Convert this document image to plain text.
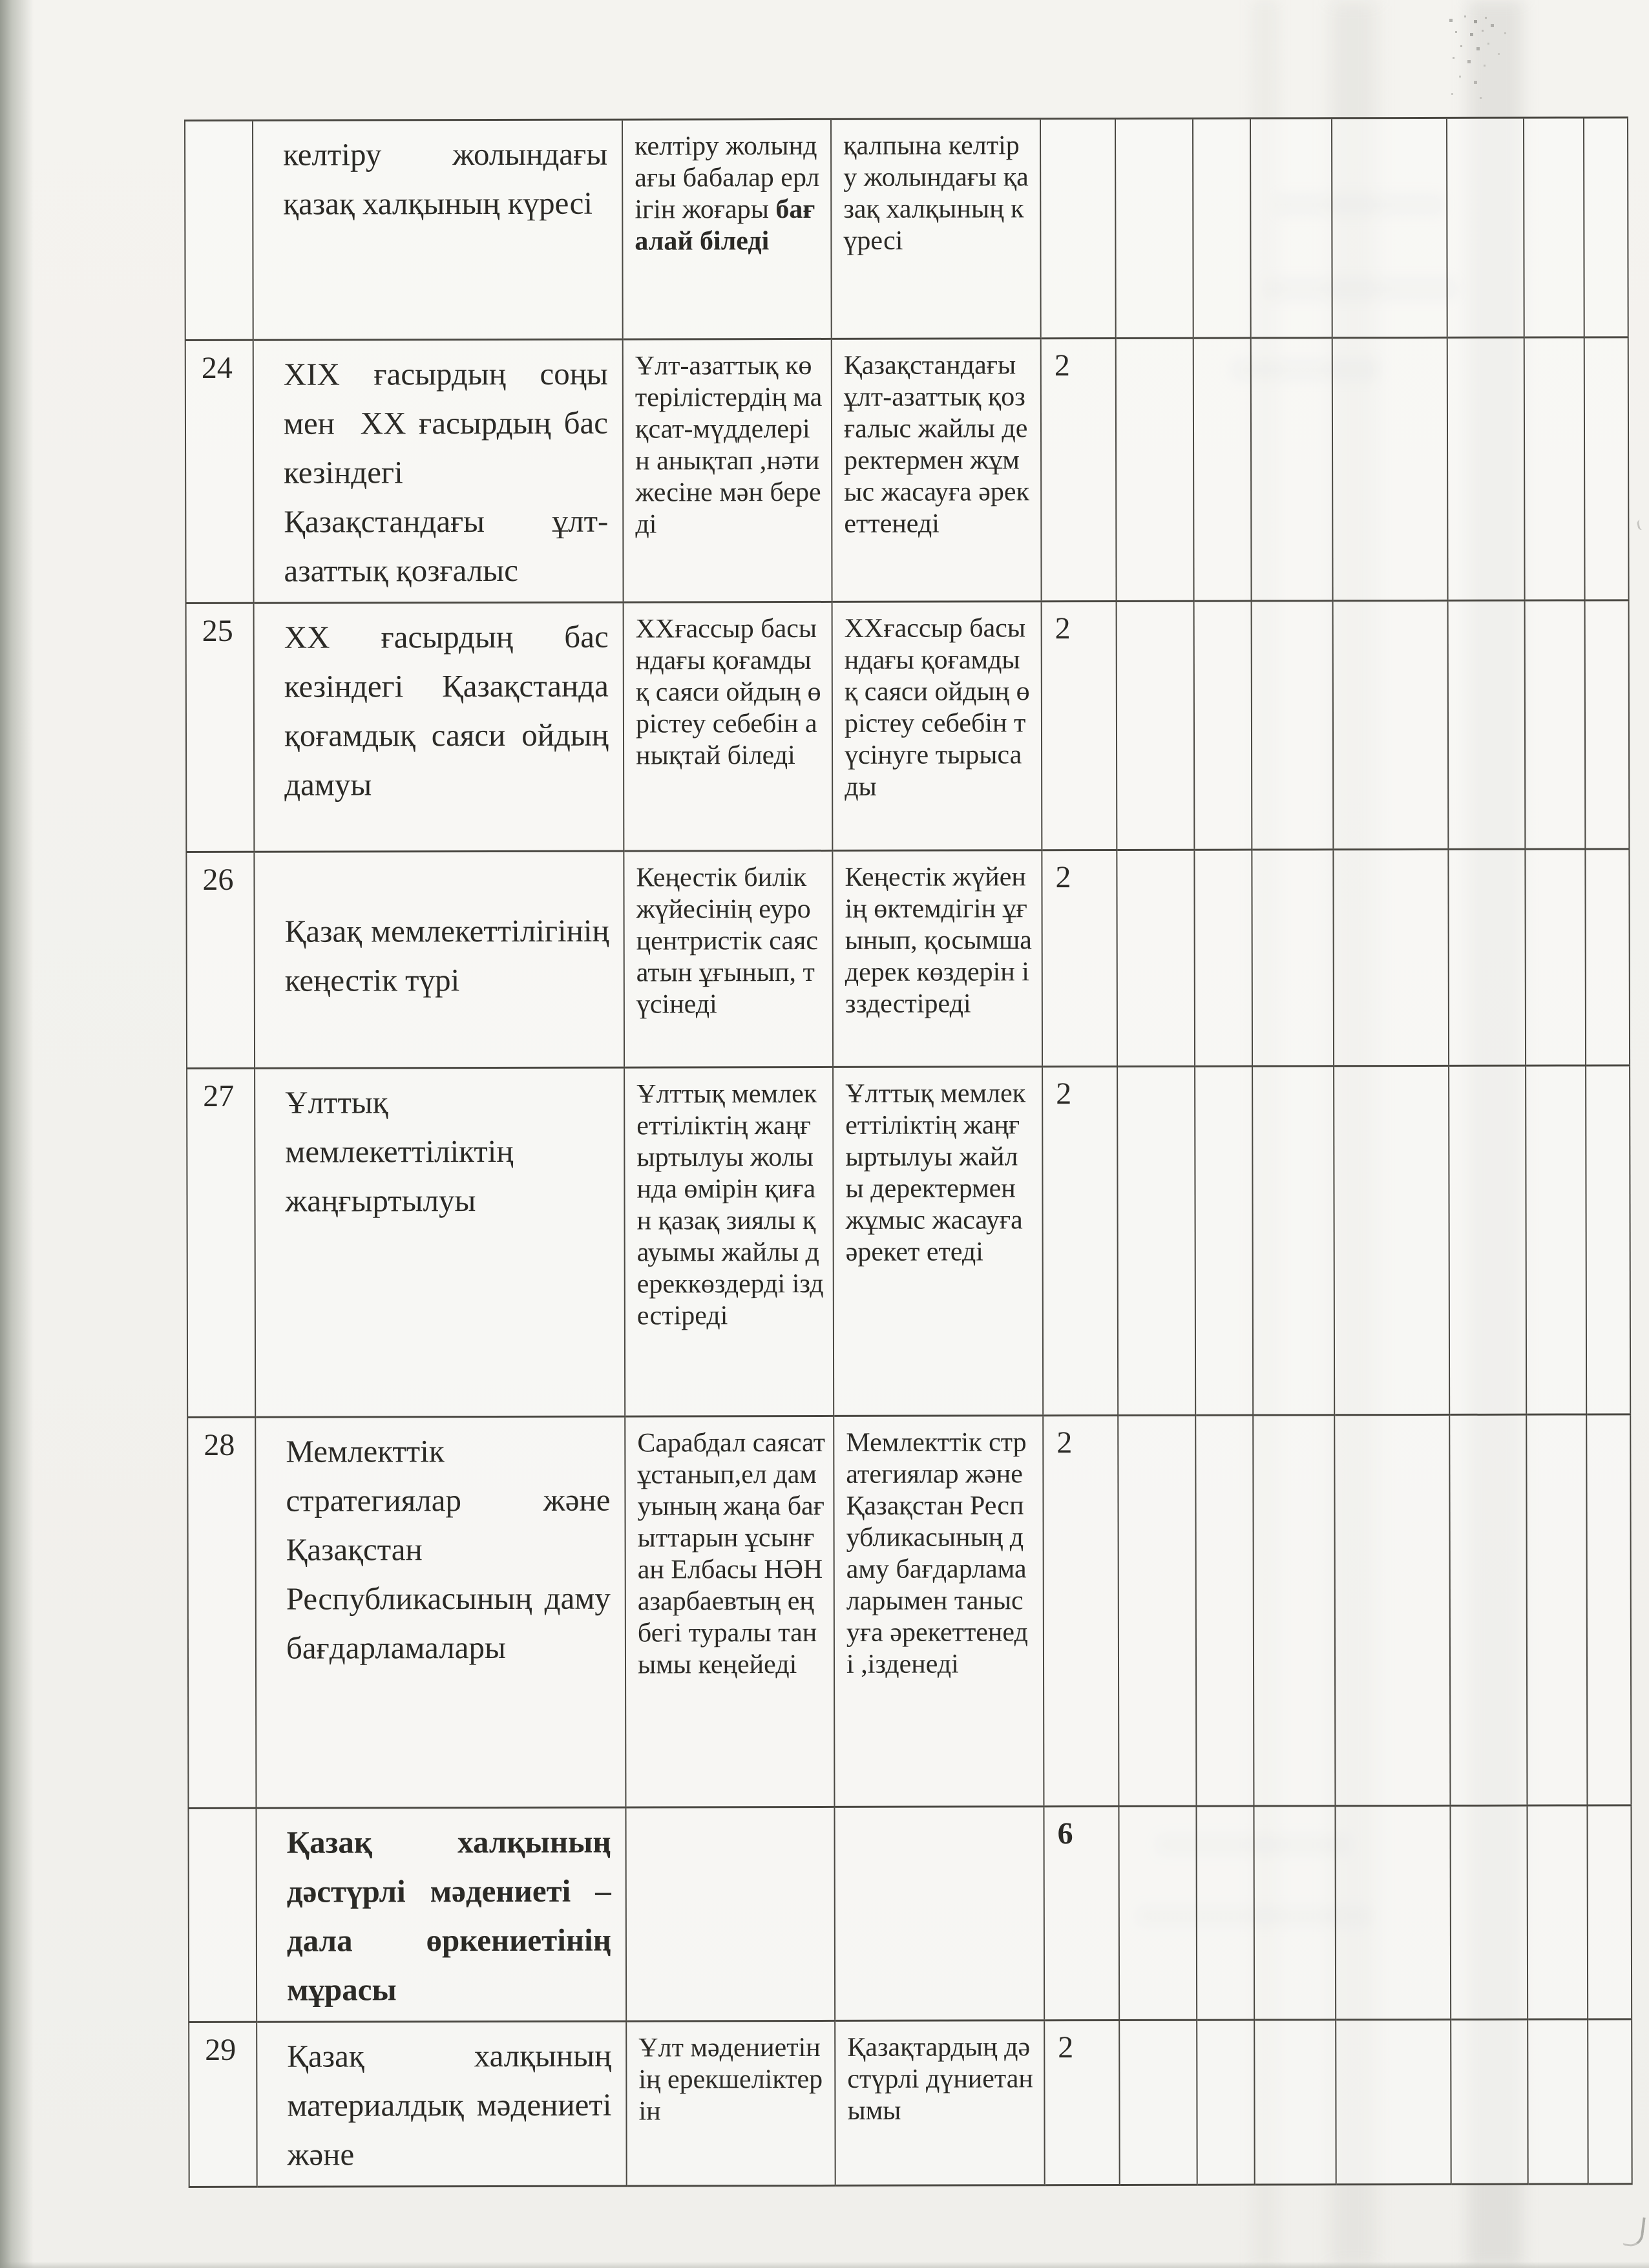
	келтіру жолындағы қазақ халқының күресі	келтіру жолындағы бабалар ерлігін жоғары бағалай біледі	қалпына келтіру жолындағы қазақ халқының күресі								
24	ХІХ ғасырдың соңы мен  ХХ ғасырдың бас кезіндегі Қазақстандағы ұлт-азаттық қозғалыс	Ұлт-азаттық көтерілістердің мақсат-мүдделерін анықтап ,нәтижесіне мән береді	Қазақстандағы ұлт-азаттық қозғалыс жайлы деректермен жұмыс жасауға әрекеттенеді	2							
25	ХХ ғасырдың бас кезіндегі Қазақстанда қоғамдық саяси ойдың дамуы	ХХғассыр басындағы қоғамдық саяси ойдың өрістеу себебін анықтай біледі	ХХғассыр басындағы қоғамдық саяси ойдың өрістеу себебін түсінуге тырысады	2							
26	Қазақ мемлекеттілігінің кеңестік түрі	Кеңестік билік жүйесінің еуроцентристік саясатын ұғынып, түсінеді	Кеңестік жүйенің өктемдігін ұғынып, қосымша дерек көздерін ізздестіреді	2							
27	Ұлттық мемлекеттіліктің жаңғыртылуы	Ұлттық мемлекеттіліктің жаңғыртылуы жолында өмірін қиған қазақ зиялы қауымы жайлы дереккөздерді іздестіреді	Ұлттық мемлекеттіліктің жаңғыртылуы жайлы деректермен жұмыс жасауға әрекет етеді	2							
28	Мемлекттік стратегиялар және Қазақстан Республикасының даму бағдарламалары	Сарабдал саясат ұстанып,ел дамуының жаңа бағыттарын ұсынған Елбасы НӘНазарбаевтың еңбегі туралы танымы кеңейеді	Мемлекттік стратегиялар және Қазақстан Республикасының даму бағдарламаларымен танысуға әрекеттенеді ,ізденеді	2							
	Қазақ халқының дәстүрлі мәдениеті – дала өркениетінің мұрасы			6							
29	Қазақ халқының материалдық мәдениеті және	Ұлт мәдениетінің ерекшеліктерін	Қазақтардың дәстүрлі дүниетанымы	2							
